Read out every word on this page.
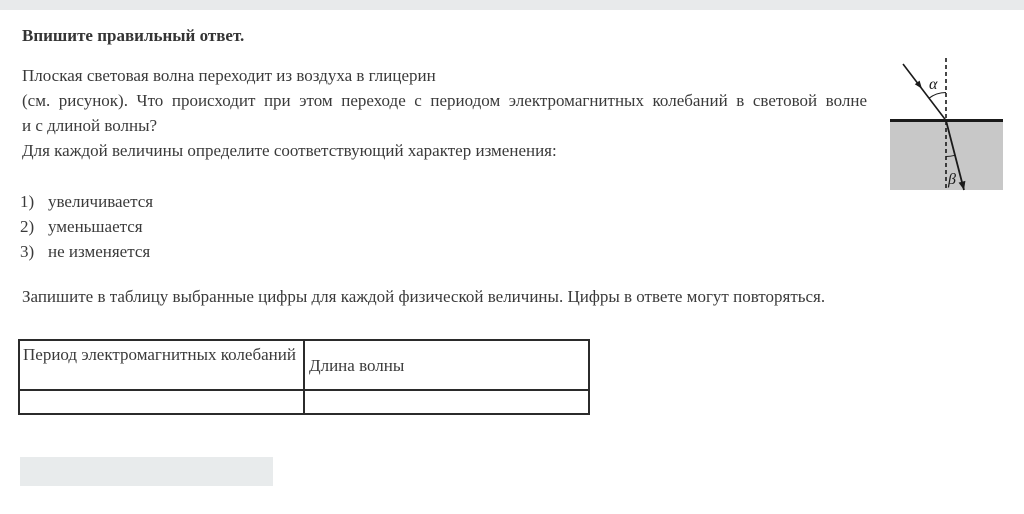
Впишите правильный ответ.
Плоская световая волна переходит из воздуха в глицерин
(см. рисунок). Что происходит при этом переходе с периодом электромагнитных колебаний в световой волне
и с длиной волны?
Для каждой величины определите соответствующий характер изменения:
1) увеличивается
2) уменьшается
3) не изменяется
Запишите в таблицу выбранные цифры для каждой физической величины. Цифры в ответе могут повторяться.
Период электромагнитных колебаний	Длина волны

α
β
